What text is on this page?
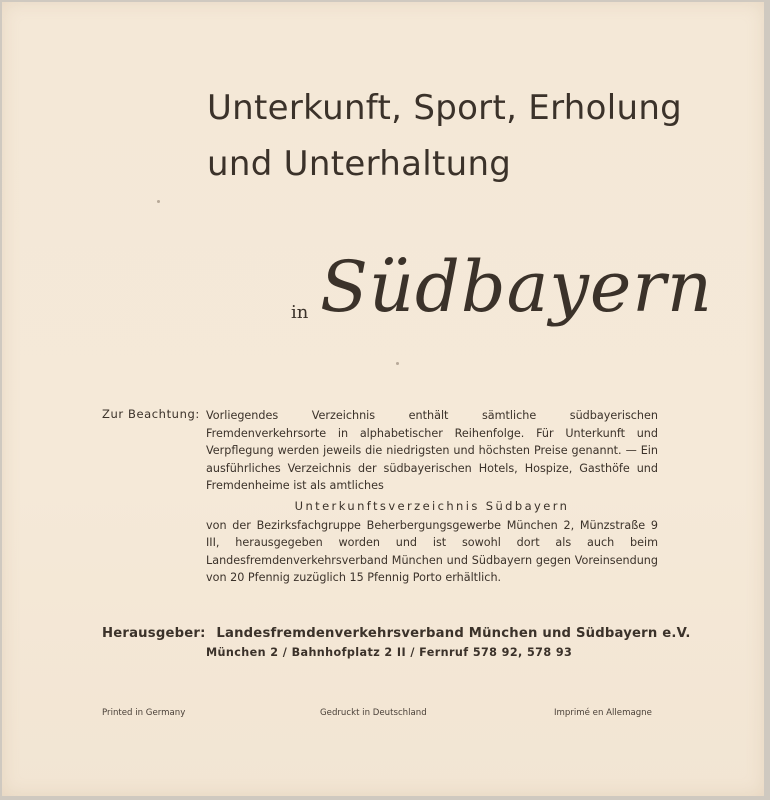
Unterkunft, Sport, Erholung
und Unterhaltung
in Südbayern
Zur Beachtung: Vorliegendes Verzeichnis enthält sämtliche südbayerischen Fremdenverkehrsorte in alphabetischer Reihenfolge. Für Unterkunft und Verpflegung werden jeweils die niedrigsten und höchsten Preise genannt. — Ein ausführliches Verzeichnis der südbayerischen Hotels, Hospize, Gasthöfe und Fremdenheime ist als amtliches

Unterkunftsverzeichnis Südbayern

von der Bezirksfachgruppe Beherbergungsgewerbe München 2, Münzstraße 9 III, herausgegeben worden und ist sowohl dort als auch beim Landesfremdenverkehrsverband München und Südbayern gegen Voreinsendung von 20 Pfennig zuzüglich 15 Pfennig Porto erhältlich.

Herausgeber: Landesfremdenverkehrsverband München und Südbayern e.V.
München 2 / Bahnhofplatz 2 II / Fernruf 578 92, 578 93
Printed in Germany	Gedruckt in Deutschland	Imprimé en Allemagne
